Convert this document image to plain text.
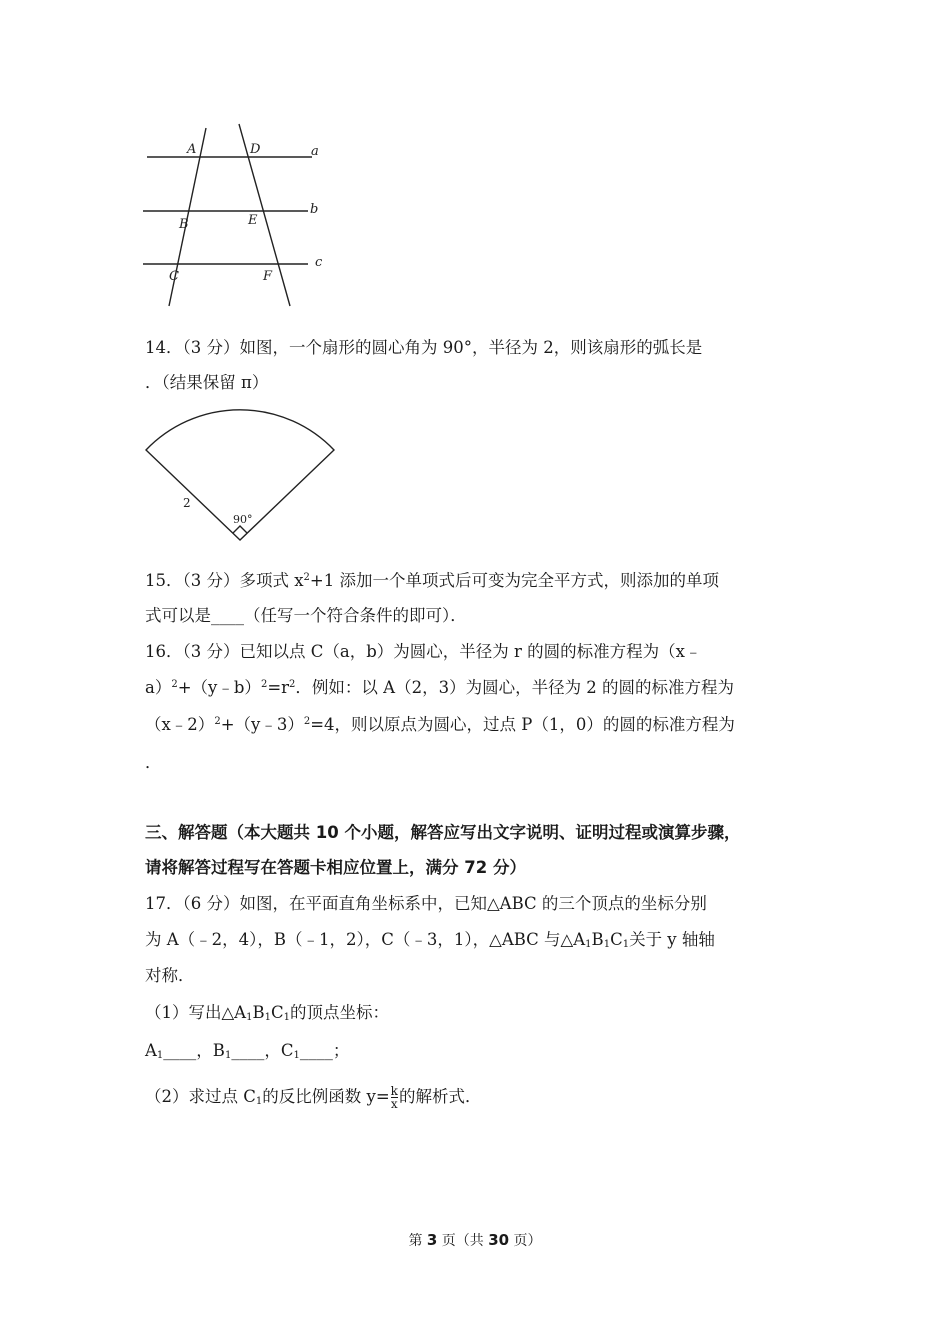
A	D	a
B	E
b
C	F
c
14．（3 分）如图，一个扇形的圆心角为 90°，半径为 2，则该扇形的弧长是
．（结果保留 π）
2
90°
15．（3 分）多项式 $x^2+1$ 添加一个单项式后可变为完全平方式，则添加的单项
式可以是____（任写一个符合条件的即可）．
16．（3 分）已知以点 C（a，b）为圆心，半径为 r 的圆的标准方程为（x﹣
$a)^2+(y﹣b)^2=r^2$．例如：以 A（2，3）为圆心，半径为 2 的圆的标准方程为
（x﹣2）$^2$+（y﹣3）$^2$=4，则以原点为圆心，过点 P（1，0）的圆的标准方程为
．
三、解答题（本大题共 10 个小题，解答应写出文字说明、证明过程或演算步骤，
请将解答过程写在答题卡相应位置上，满分 72 分）
17．（6 分）如图，在平面直角坐标系中，已知△ABC 的三个顶点的坐标分别
为 A（﹣2，4），B（﹣1，2），C（﹣3，1），△ABC 与$\triangle A_1B_1C_1$关于 y 轴轴
对称．
（1）写出$\triangle A_1B_1C_1$的顶点坐标：
$A_1\_\_\_\_$，$B_1\_\_\_\_$，$C_1\_\_\_\_$；
（2）求过点 $C_1$的反比例函数 $y= \frac{k}{x}$ 的解析式．
第 3 页（共 30 页）
